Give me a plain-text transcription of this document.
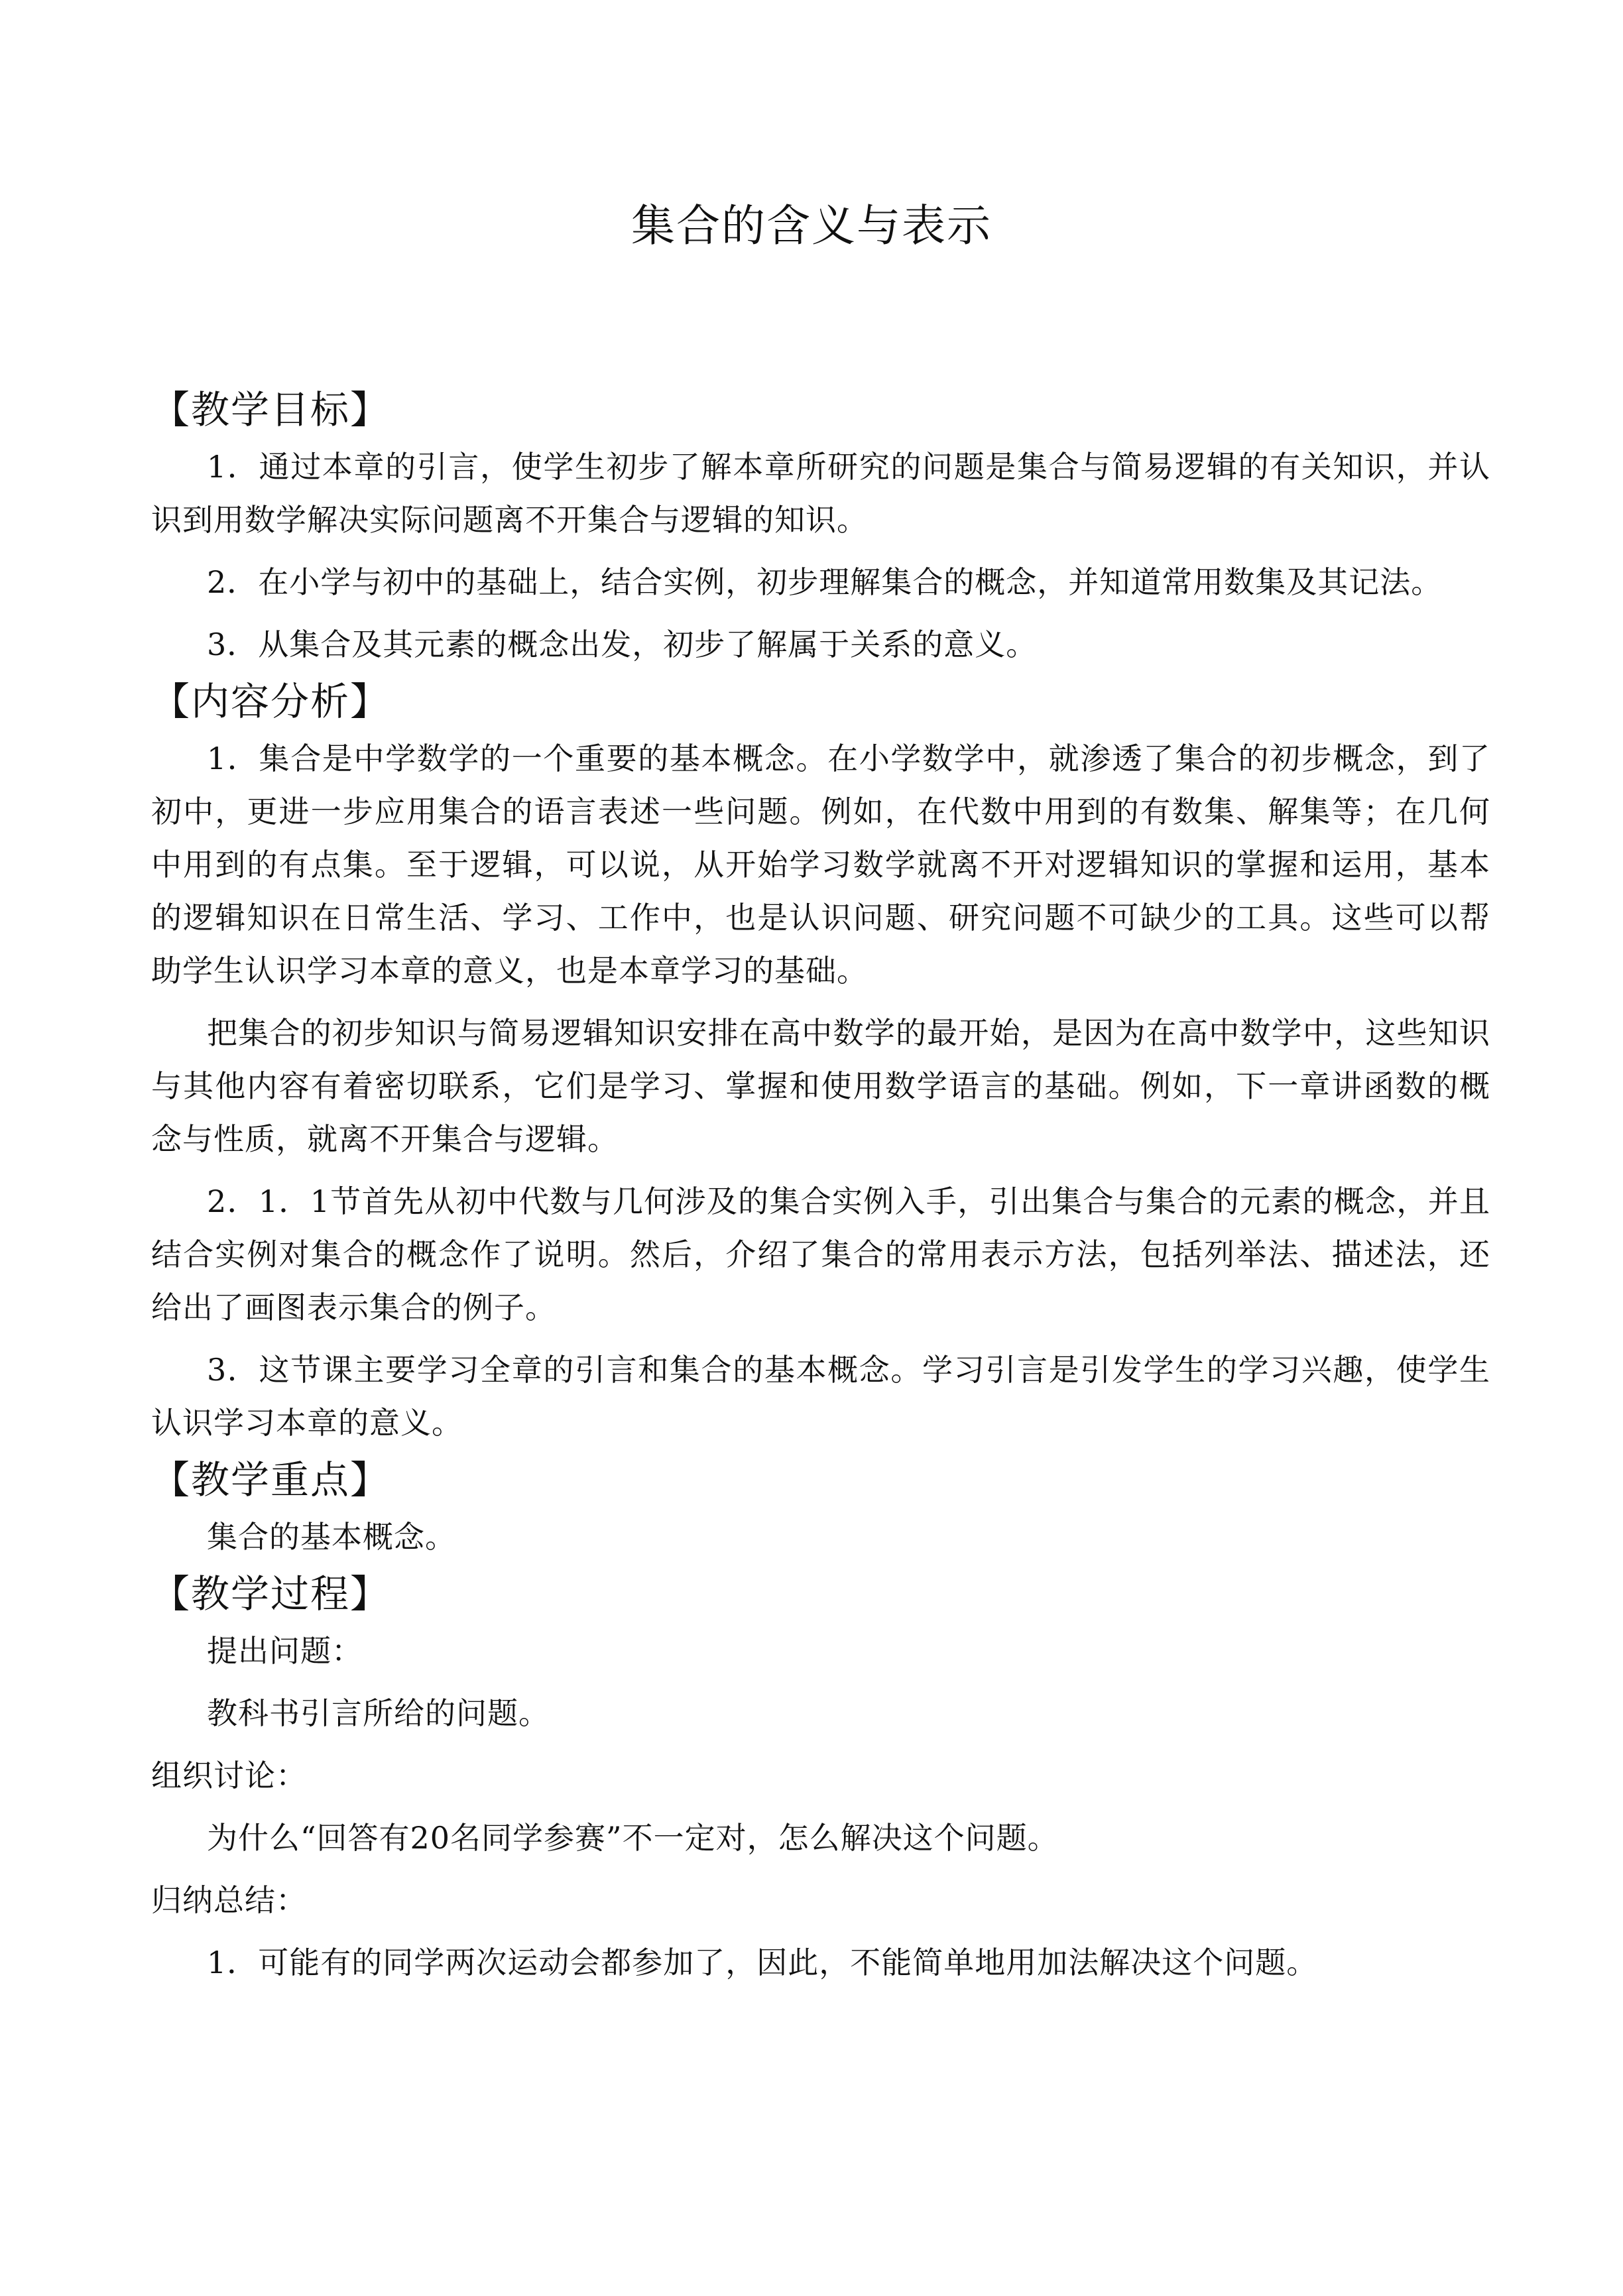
集合的含义与表示
【教学目标】

1．通过本章的引言，使学生初步了解本章所研究的问题是集合与简易逻辑的有关知识，并认识到用数学解决实际问题离不开集合与逻辑的知识。

2．在小学与初中的基础上，结合实例，初步理解集合的概念，并知道常用数集及其记法。

3．从集合及其元素的概念出发，初步了解属于关系的意义。

【内容分析】

1．集合是中学数学的一个重要的基本概念。在小学数学中，就渗透了集合的初步概念，到了初中，更进一步应用集合的语言表述一些问题。例如，在代数中用到的有数集、解集等；在几何中用到的有点集。至于逻辑，可以说，从开始学习数学就离不开对逻辑知识的掌握和运用，基本的逻辑知识在日常生活、学习、工作中，也是认识问题、研究问题不可缺少的工具。这些可以帮助学生认识学习本章的意义，也是本章学习的基础。

把集合的初步知识与简易逻辑知识安排在高中数学的最开始，是因为在高中数学中，这些知识与其他内容有着密切联系，它们是学习、掌握和使用数学语言的基础。例如，下一章讲函数的概念与性质，就离不开集合与逻辑。

2．1．1节首先从初中代数与几何涉及的集合实例入手，引出集合与集合的元素的概念，并且结合实例对集合的概念作了说明。然后，介绍了集合的常用表示方法，包括列举法、描述法，还给出了画图表示集合的例子。

3．这节课主要学习全章的引言和集合的基本概念。学习引言是引发学生的学习兴趣，使学生认识学习本章的意义。

【教学重点】

集合的基本概念。

【教学过程】

提出问题：

教科书引言所给的问题。

组织讨论：

为什么“回答有20名同学参赛”不一定对，怎么解决这个问题。

归纳总结：

1．可能有的同学两次运动会都参加了，因此，不能简单地用加法解决这个问题。
